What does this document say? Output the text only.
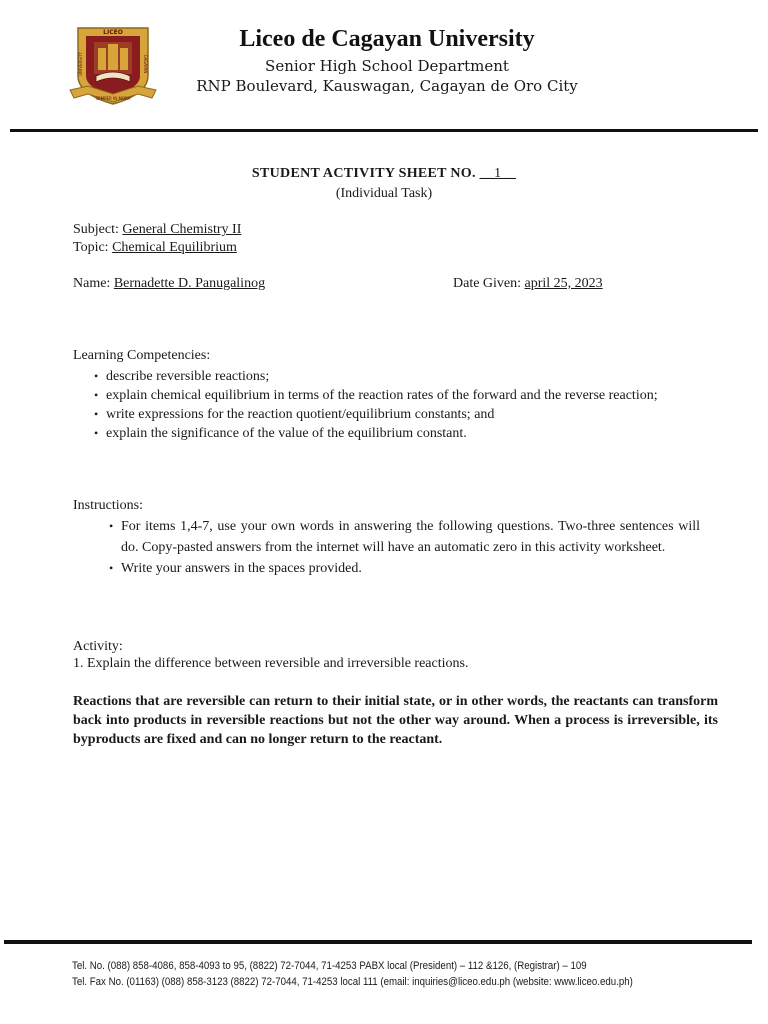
LICEO
SEMPER IN MORA
UNIVERSITY	CAGAYAN
Liceo de Cagayan University
Senior High School Department
RNP Boulevard, Kauswagan, Cagayan de Oro City
STUDENT ACTIVITY SHEET NO. __1__
(Individual Task)
Subject: General Chemistry II
Topic: Chemical Equilibrium
Name: Bernadette D. Panugalinog	Date Given: april 25, 2023
Learning Competencies:
• describe reversible reactions;
• explain chemical equilibrium in terms of the reaction rates of the forward and the reverse reaction;
• write expressions for the reaction quotient/equilibrium constants; and
• explain the significance of the value of the equilibrium constant.
Instructions:
• For items 1,4-7, use your own words in answering the following questions. Two-three sentences will do. Copy-pasted answers from the internet will have an automatic zero in this activity worksheet.
• Write your answers in the spaces provided.
Activity:
1. Explain the difference between reversible and irreversible reactions.
Reactions that are reversible can return to their initial state, or in other words, the reactants can transform back into products in reversible reactions but not the other way around. When a process is irreversible, its byproducts are fixed and can no longer return to the reactant.
Tel. No. (088) 858-4086, 858-4093 to 95, (8822) 72-7044, 71-4253 PABX local (President) – 112 &126, (Registrar) – 109
Tel. Fax No. (01163) (088) 858-3123 (8822) 72-7044, 71-4253 local 111 (email: inquiries@liceo.edu.ph (website: www.liceo.edu.ph)
